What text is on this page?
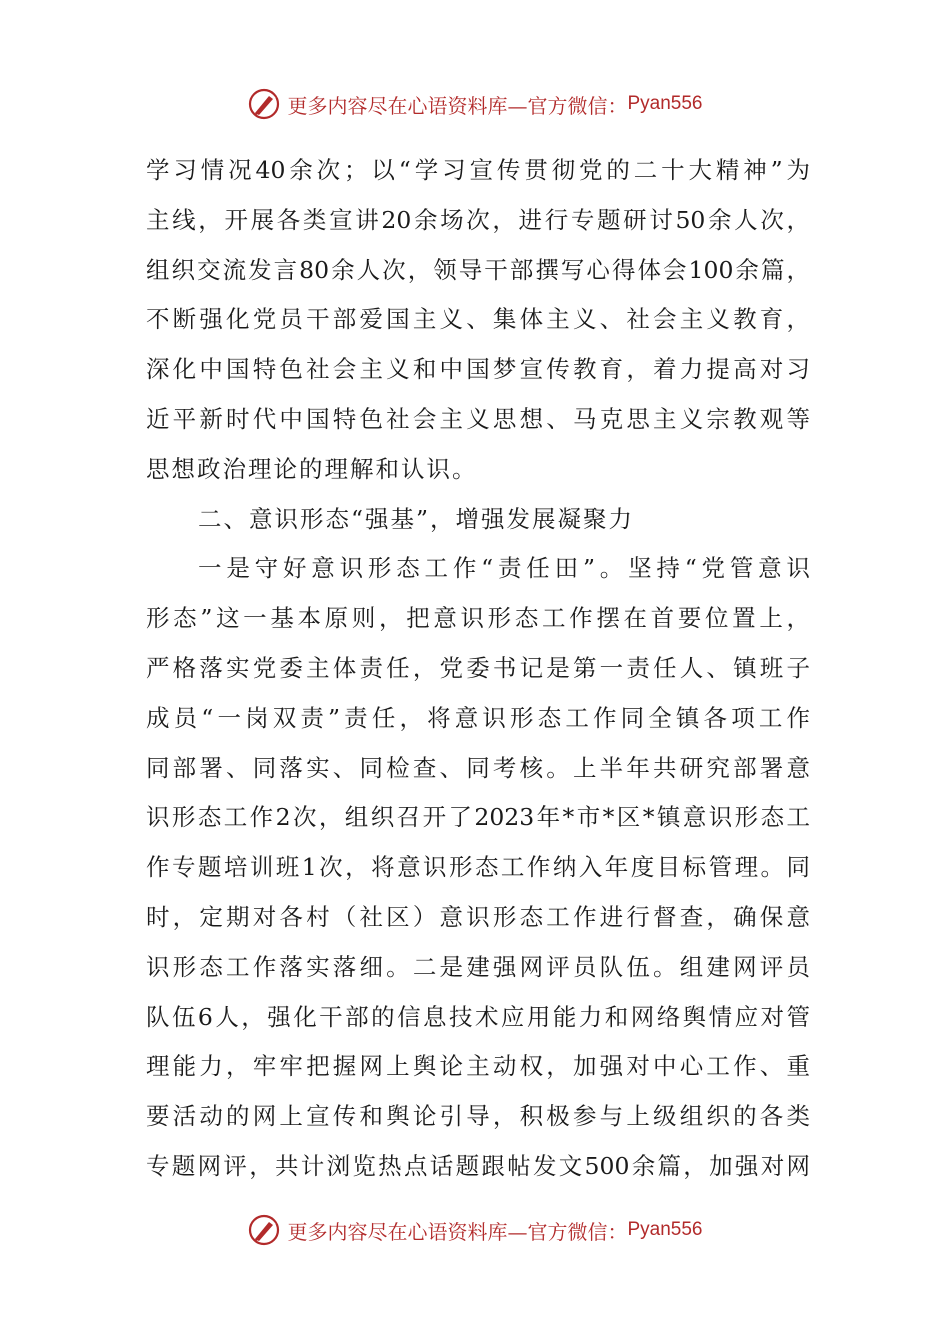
更多内容尽在心语资料库— 官方微信： Pyan556
学习情况40余次；以“学习宣传贯彻党的二十大精神”为
主线，开展各类宣讲20余场次，进行专题研讨50余人次，
组织交流发言80余人次，领导干部撰写心得体会100余篇，
不断强化党员干部爱国主义、集体主义、社会主义教育，
深化中国特色社会主义和中国梦宣传教育，着力提高对习
近平新时代中国特色社会主义思想、马克思主义宗教观等
思想政治理论的理解和认识。
二、意识形态“强基”，增强发展凝聚力
一是守好意识形态工作“责任田”。坚持“党管意识
形态”这一基本原则，把意识形态工作摆在首要位置上，
严格落实党委主体责任，党委书记是第一责任人、镇班子
成员“一岗双责”责任，将意识形态工作同全镇各项工作
同部署、同落实、同检查、同考核。上半年共研究部署意
识形态工作2次，组织召开了2023年*市*区*镇意识形态工
作专题培训班1次，将意识形态工作纳入年度目标管理。同
时，定期对各村（社区）意识形态工作进行督查，确保意
识形态工作落实落细。二是建强网评员队伍。组建网评员
队伍6人，强化干部的信息技术应用能力和网络舆情应对管
理能力，牢牢把握网上舆论主动权，加强对中心工作、重
要活动的网上宣传和舆论引导，积极参与上级组织的各类
专题网评，共计浏览热点话题跟帖发文500余篇，加强对网
更多内容尽在心语资料库— 官方微信： Pyan556
